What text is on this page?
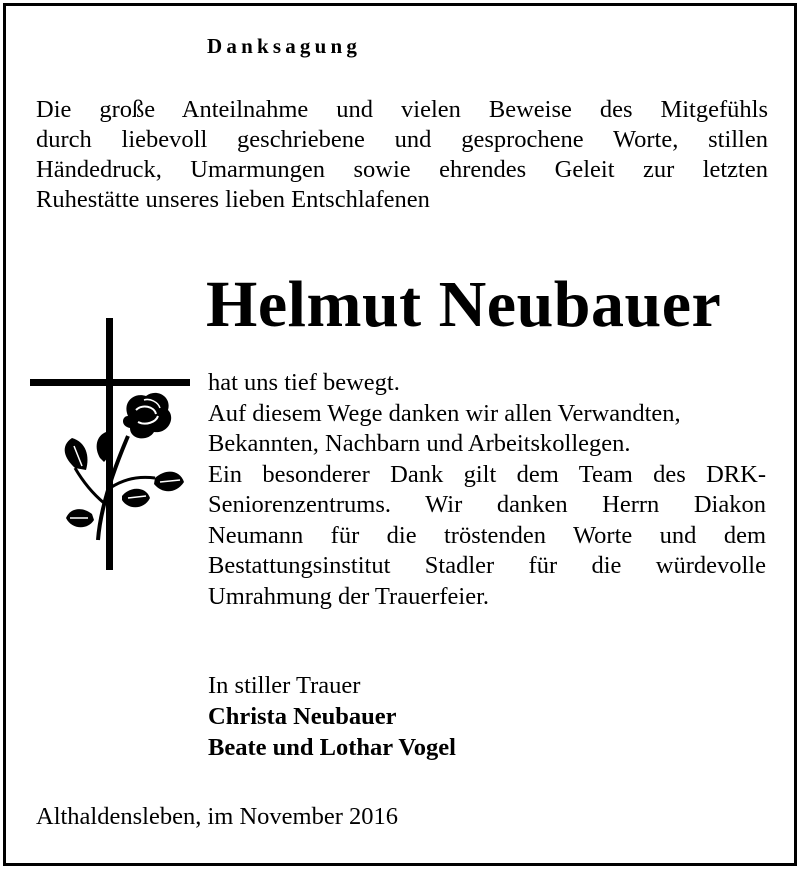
Danksagung
Die große Anteilnahme und vielen Beweise des Mitgefühls
durch liebevoll geschriebene und gesprochene Worte, stillen
Händedruck, Umarmungen sowie ehrendes Geleit zur letzten
Ruhestätte unseres lieben Entschlafenen
Helmut Neubauer
hat uns tief bewegt.
Auf diesem Wege danken wir allen Verwandten,
Bekannten, Nachbarn und Arbeitskollegen.
Ein besonderer Dank gilt dem Team des DRK-
Seniorenzentrums. Wir danken Herrn Diakon
Neumann für die tröstenden Worte und dem
Bestattungsinstitut Stadler für die würdevolle
Umrahmung der Trauerfeier.
In stiller Trauer
Christa Neubauer
Beate und Lothar Vogel
Althaldensleben, im November 2016
